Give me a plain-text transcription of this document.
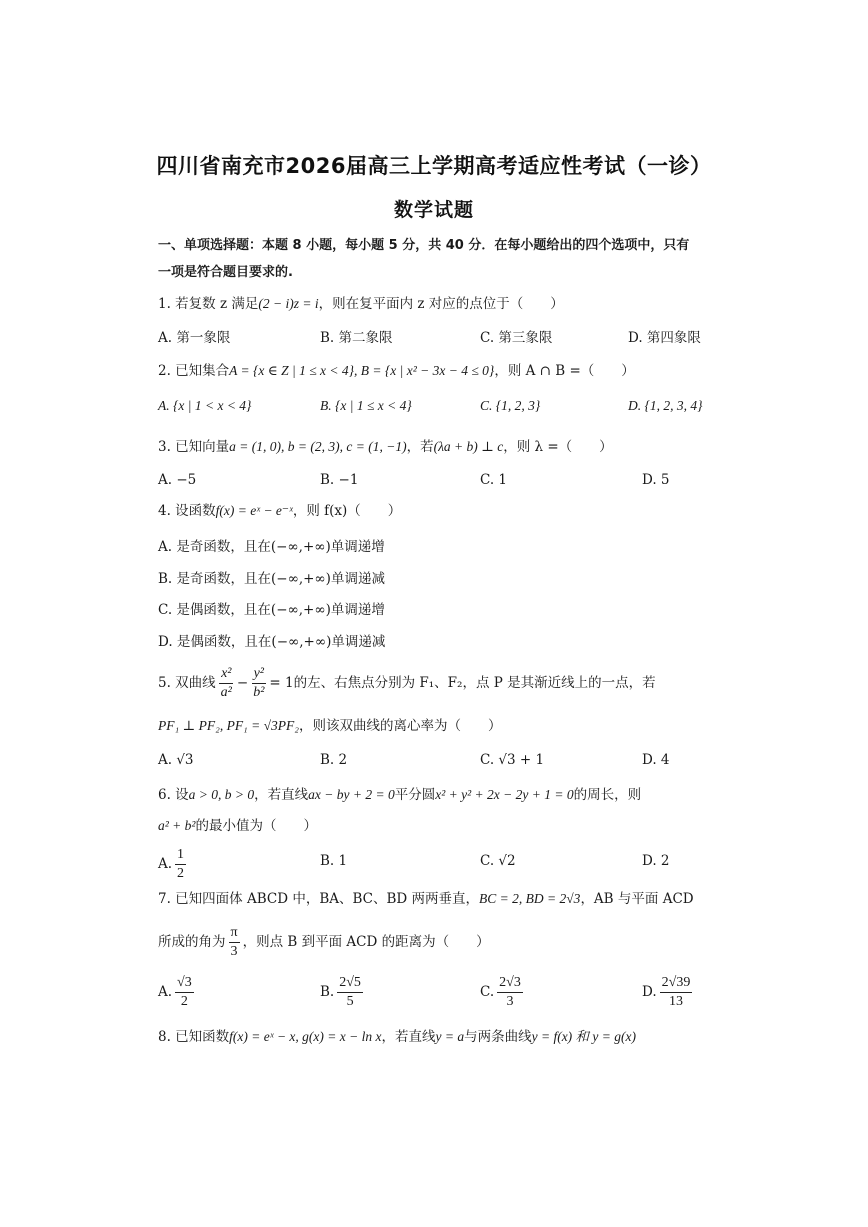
四川省南充市2026届高三上学期高考适应性考试（一诊）
数学试题
一、单项选择题：本题 8 小题，每小题 5 分，共 40 分．在每小题给出的四个选项中，只有
一项是符合题目要求的.
1. 若复数 z 满足(2 − i)z = i，则在复平面内 z 对应的点位于（　　）
A. 第一象限	B. 第二象限	C. 第三象限	D. 第四象限
2. 已知集合A = {x ∈ Z | 1 ≤ x < 4}, B = {x | x² − 3x − 4 ≤ 0}，则 A ∩ B =（　　）
A. {x | 1 < x < 4}	B. {x | 1 ≤ x < 4}	C. {1, 2, 3}	D. {1, 2, 3, 4}
3. 已知向量a = (1, 0), b = (2, 3), c = (1, −1)，若(λa + b) ⊥ c，则 λ =（　　）
A. −5	B. −1	C. 1	D. 5
4. 设函数f(x) = eˣ − e⁻ˣ，则 f(x)（　　）
A. 是奇函数，且在(−∞,+∞)单调递增
B. 是奇函数，且在(−∞,+∞)单调递减
C. 是偶函数，且在(−∞,+∞)单调递增
D. 是偶函数，且在(−∞,+∞)单调递减
5. 双曲线 $\frac{\text{x²}}{\text{a²}} - \frac{\text{y²}}{\text{b²}} = 1$的左、右焦点分别为 F₁、F₂，点 P 是其渐近线上的一点，若
PF₁ ⊥ PF₂, PF₁ = √3PF₂，则该双曲线的离心率为（　　）
A. √3	B. 2	C. √3 + 1	D. 4
6. 设a > 0, b > 0，若直线ax − by + 2 = 0平分圆x² + y² + 2x − 2y + 1 = 0的周长，则
a² + b²的最小值为（　　）
A. $\frac{1}{2}$	B. 1	C. √2	D. 2
7. 已知四面体 ABCD 中，BA、BC、BD 两两垂直，BC = 2, BD = 2√3，AB 与平面 ACD
所成的角为 $\frac{\pi}{3}$ ，则点 B 到平面 ACD 的距离为（　　）
A. $\frac{√3}{2}$	B. $\frac{2√5}{5}$	C. $\frac{2√3}{3}$	D. $\frac{2√39}{13}$
8. 已知函数f(x) = eˣ − x, g(x) = x − ln x，若直线y = a与两条曲线y = f(x) 和 y = g(x)
